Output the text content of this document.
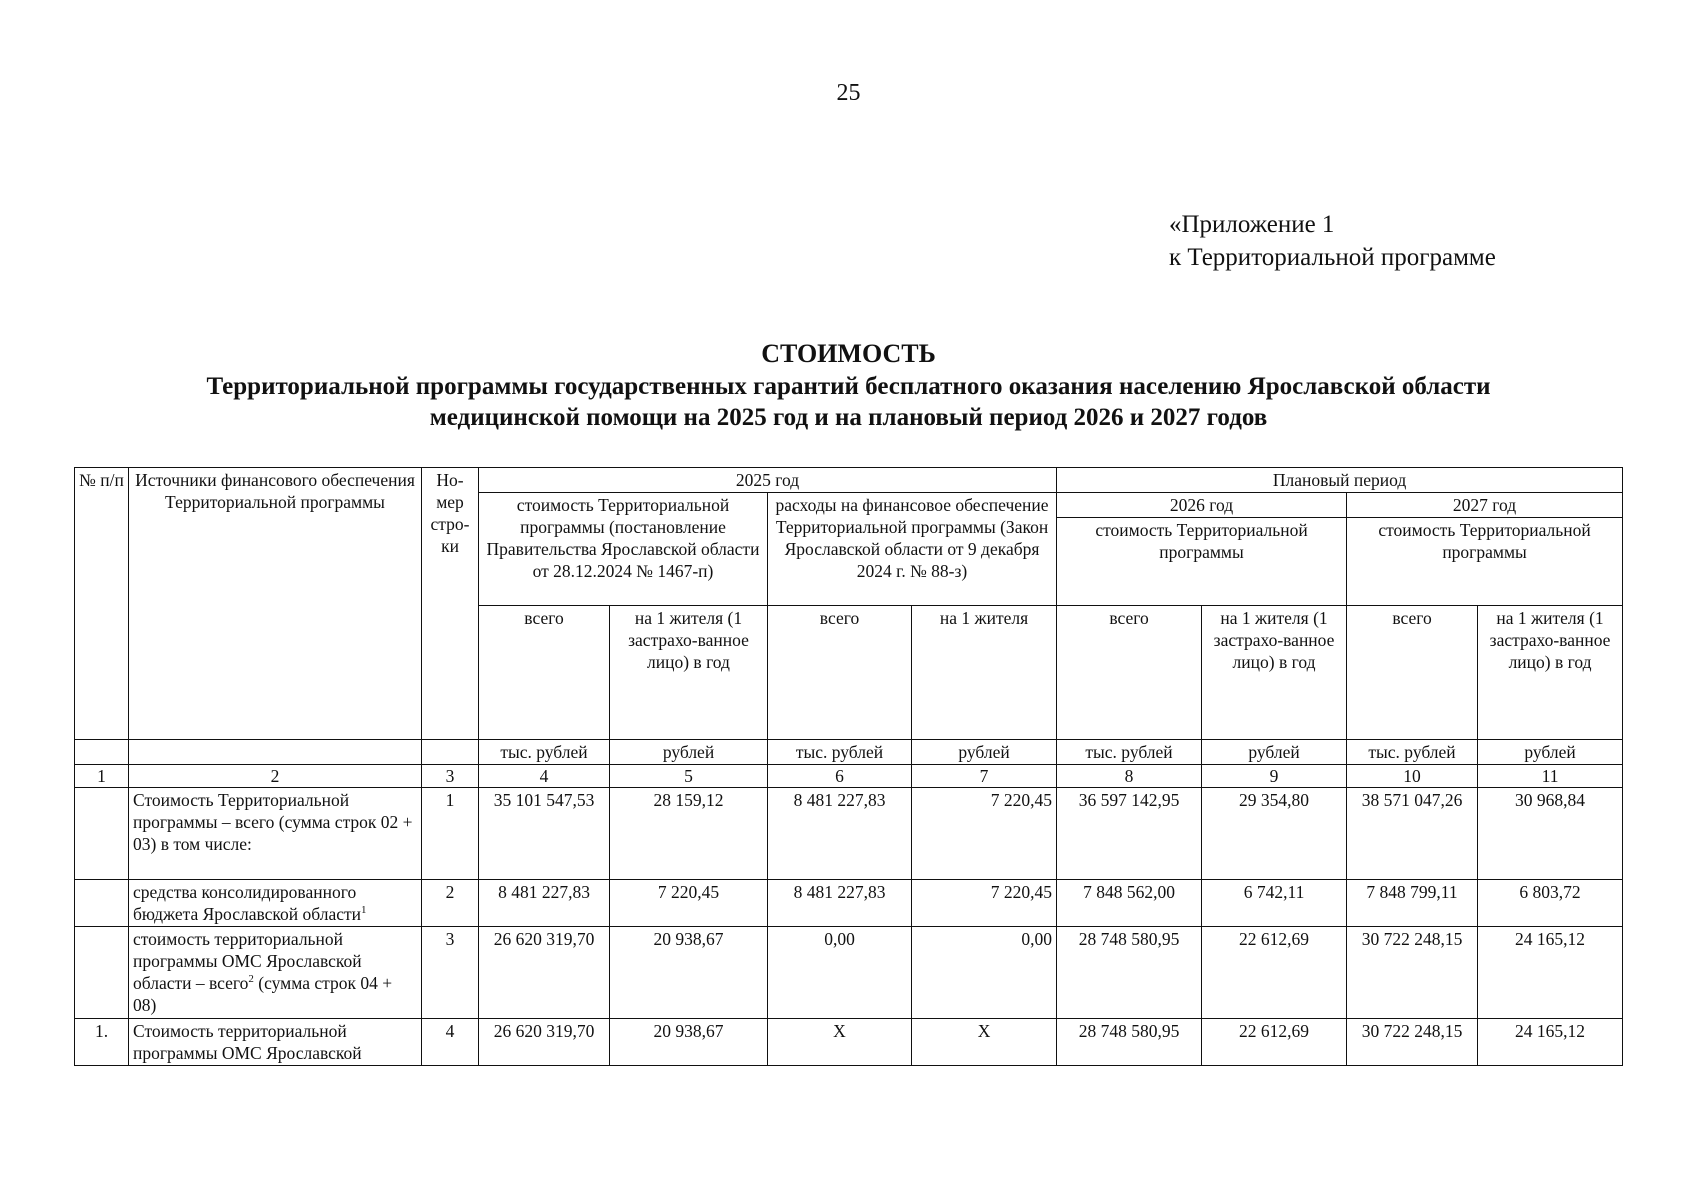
25
«Приложение 1
к Территориальной программе
СТОИМОСТЬ
Территориальной программы государственных гарантий бесплатного оказания населению Ярославской области
медицинской помощи на 2025 год и на плановый период 2026 и 2027 годов
№ п/п	Источники финансового обеспечения Территориальной программы	Но-мер стро-ки	2025 год				Плановый период			
			стоимость Территориальной программы (постановление Правительства Ярославской области от 28.12.2024 № 1467-п)		расходы на финансовое обеспечение Территориальной программы (Закон Ярославской области от 9 декабря 2024 г. № 88-з)		2026 год		2027 год	
							стоимость Территориальной программы		стоимость Территориальной программы	
			всего	на 1 жителя (1 застрахо-ванное лицо) в год	всего	на 1 жителя	всего	на 1 жителя (1 застрахо-ванное лицо) в год	всего	на 1 жителя (1 застрахо-ванное лицо) в год
			тыс. рублей	рублей	тыс. рублей	рублей	тыс. рублей	рублей	тыс. рублей	рублей
1	2	3	4	5	6	7	8	9	10	11
	Стоимость Территориальной программы – всего (сумма строк 02 + 03) в том числе:	1	35 101 547,53	28 159,12	8 481 227,83	7 220,45	36 597 142,95	29 354,80	38 571 047,26	30 968,84
	средства консолидированного бюджета Ярославской области$^1$	2	8 481 227,83	7 220,45	8 481 227,83	7 220,45	7 848 562,00	6 742,11	7 848 799,11	6 803,72
	стоимость территориальной программы ОМС Ярославской области – всего$^2$ (сумма строк 04 + 08)	3	26 620 319,70	20 938,67	0,00	0,00	28 748 580,95	22 612,69	30 722 248,15	24 165,12
1.	Стоимость территориальной программы ОМС Ярославской	4	26 620 319,70	20 938,67	Х	Х	28 748 580,95	22 612,69	30 722 248,15	24 165,12
